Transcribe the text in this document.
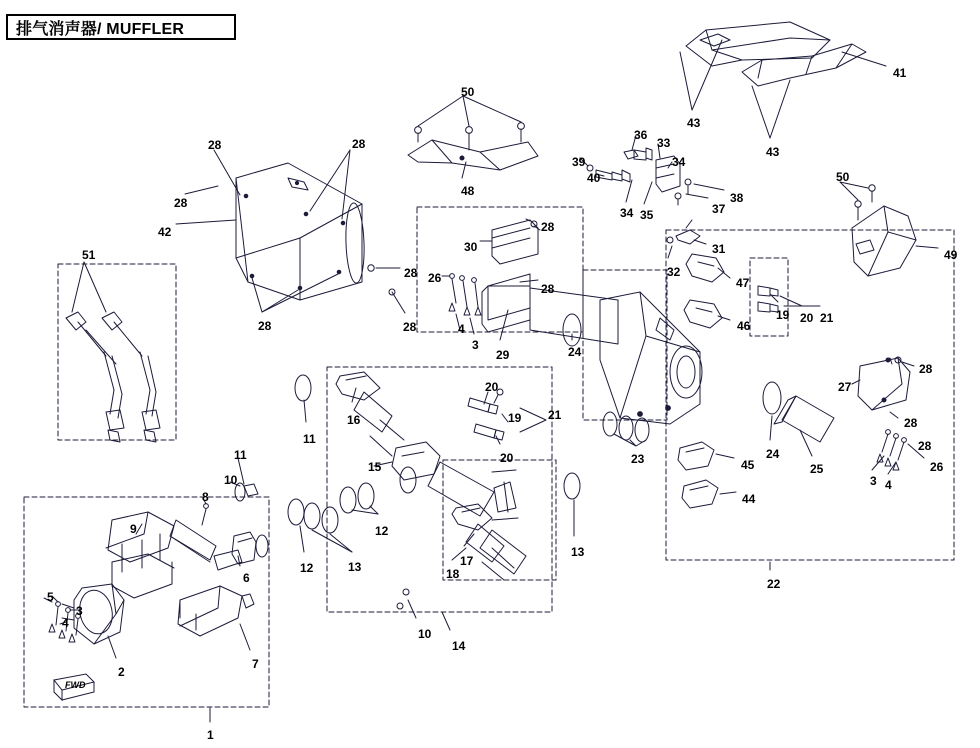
排气消声器/ MUFFLER
FWD
1
2
3
4
5
6
7
8
9
10
11
11
10
12
12	13
13
14
15
16
17
18
19
20
20
21
19 20 21
22
23
24
24
25
26
26
27
28	28
28
28
28	28
28
28
28
28
28
29
30	31
32
33
34
34 35
36
37
38
39
40
41
42
43
43
44
45
46
47
48
49
50
50
51
3
4
3 4
